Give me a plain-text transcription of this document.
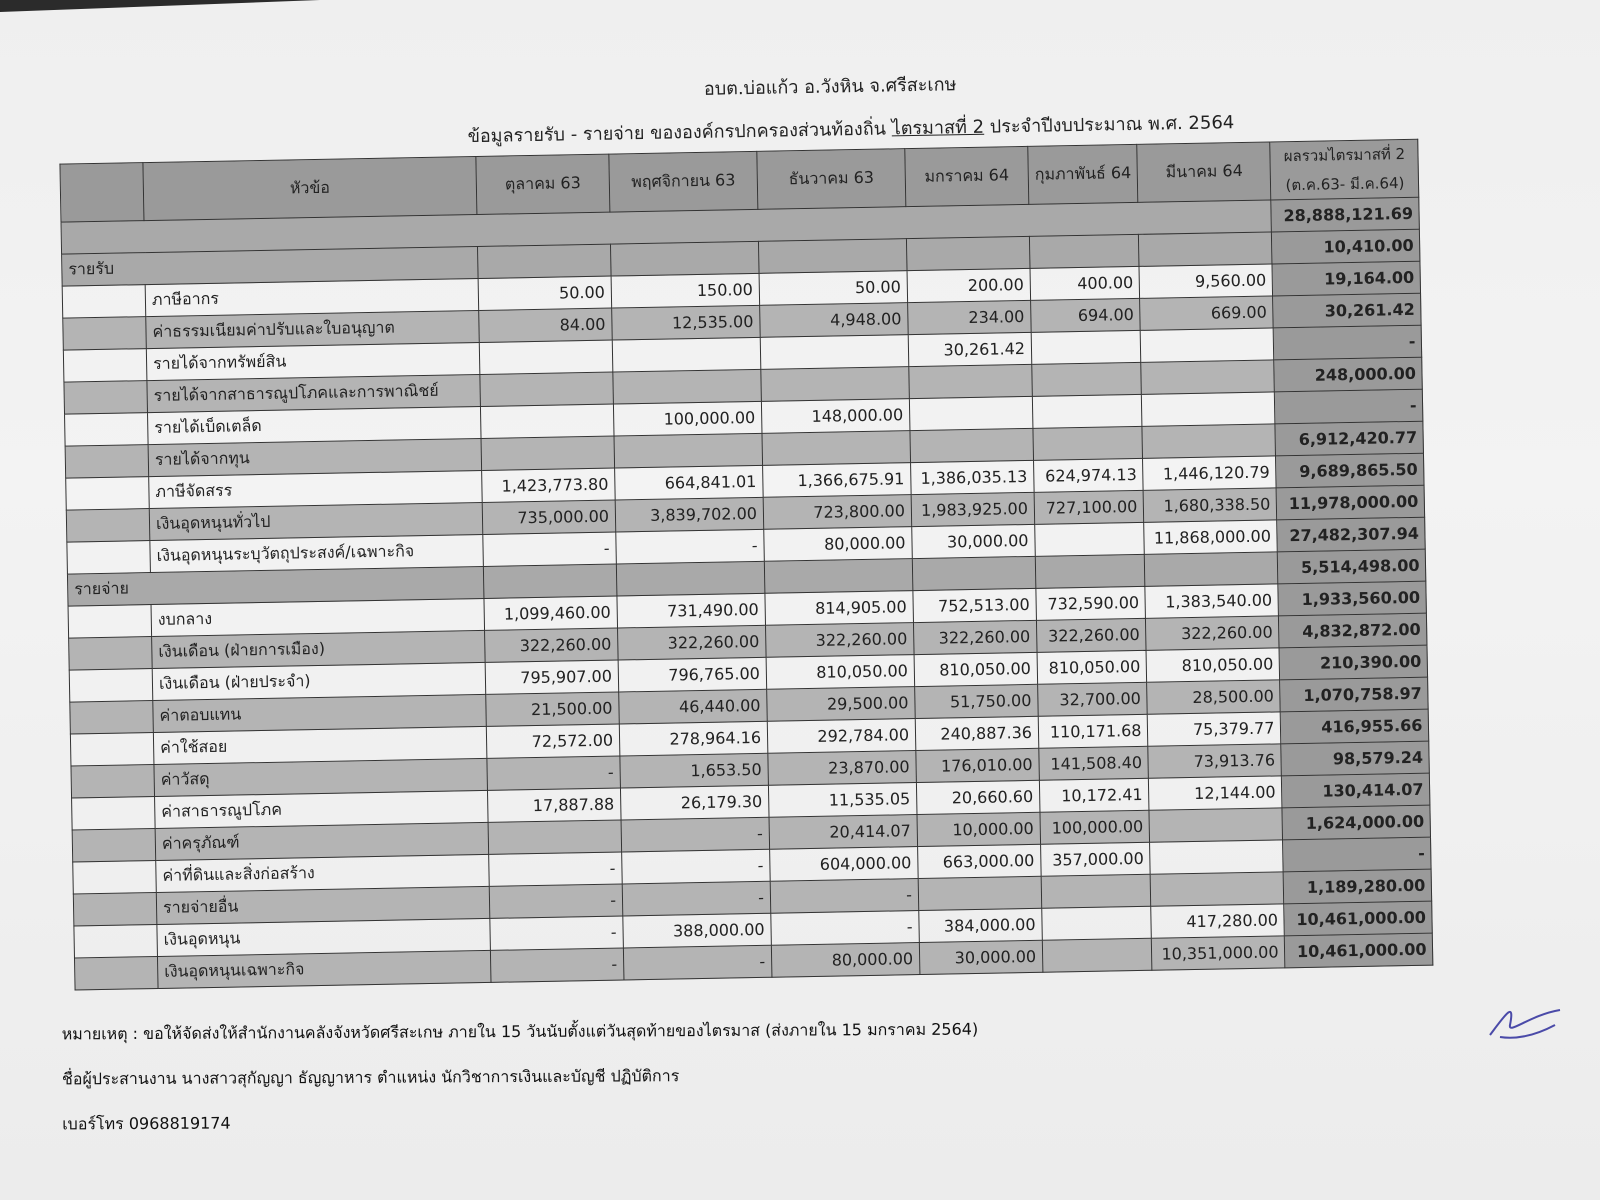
อบต.บ่อแก้ว อ.วังหิน จ.ศรีสะเกษ

ข้อมูลรายรับ - รายจ่าย ขององค์กรปกครองส่วนท้องถิ่น ไตรมาสที่ 2 ประจำปีงบประมาณ พ.ศ. 2564

	หัวข้อ	ตุลาคม 63	พฤศจิกายน 63	ธันวาคม 63	มกราคม 64	กุมภาพันธ์ 64	มีนาคม 64	ผลรวมไตรมาสที่ 2
(ต.ค.63- มี.ค.64)

								28,888,121.69
รายรับ								10,410.00
	ภาษีอากร	50.00	150.00	50.00	200.00	400.00	9,560.00	19,164.00
	ค่าธรรมเนียมค่าปรับและใบอนุญาต	84.00	12,535.00	4,948.00	234.00	694.00	669.00	30,261.42
	รายได้จากทรัพย์สิน				30,261.42			-
	รายได้จากสาธารณูปโภคและการพาณิชย์							248,000.00
	รายได้เบ็ดเตล็ด		100,000.00	148,000.00				-
	รายได้จากทุน							6,912,420.77
	ภาษีจัดสรร	1,423,773.80	664,841.01	1,366,675.91	1,386,035.13	624,974.13	1,446,120.79	9,689,865.50
	เงินอุดหนุนทั่วไป	735,000.00	3,839,702.00	723,800.00	1,983,925.00	727,100.00	1,680,338.50	11,978,000.00
	เงินอุดหนุนระบุวัตถุประสงค์/เฉพาะกิจ	-	-	80,000.00	30,000.00		11,868,000.00	27,482,307.94
รายจ่าย								5,514,498.00
	งบกลาง	1,099,460.00	731,490.00	814,905.00	752,513.00	732,590.00	1,383,540.00	1,933,560.00
	เงินเดือน (ฝ่ายการเมือง)	322,260.00	322,260.00	322,260.00	322,260.00	322,260.00	322,260.00	4,832,872.00
	เงินเดือน (ฝ่ายประจำ)	795,907.00	796,765.00	810,050.00	810,050.00	810,050.00	810,050.00	210,390.00
	ค่าตอบแทน	21,500.00	46,440.00	29,500.00	51,750.00	32,700.00	28,500.00	1,070,758.97
	ค่าใช้สอย	72,572.00	278,964.16	292,784.00	240,887.36	110,171.68	75,379.77	416,955.66
	ค่าวัสดุ	-	1,653.50	23,870.00	176,010.00	141,508.40	73,913.76	98,579.24
	ค่าสาธารณูปโภค	17,887.88	26,179.30	11,535.05	20,660.60	10,172.41	12,144.00	130,414.07
	ค่าครุภัณฑ์		-	20,414.07	10,000.00	100,000.00		1,624,000.00
	ค่าที่ดินและสิ่งก่อสร้าง	-	-	604,000.00	663,000.00	357,000.00		-
	รายจ่ายอื่น	-	-	-				1,189,280.00
	เงินอุดหนุน	-	388,000.00	-	384,000.00		417,280.00	10,461,000.00
	เงินอุดหนุนเฉพาะกิจ	-	-	80,000.00	30,000.00		10,351,000.00	10,461,000.00

หมายเหตุ : ขอให้จัดส่งให้สำนักงานคลังจังหวัดศรีสะเกษ ภายใน 15 วันนับตั้งแต่วันสุดท้ายของไตรมาส (ส่งภายใน 15 มกราคม 2564)

ชื่อผู้ประสานงาน นางสาวสุกัญญา ธัญญาหาร ตำแหน่ง นักวิชาการเงินและบัญชี ปฏิบัติการ

เบอร์โทร 0968819174
